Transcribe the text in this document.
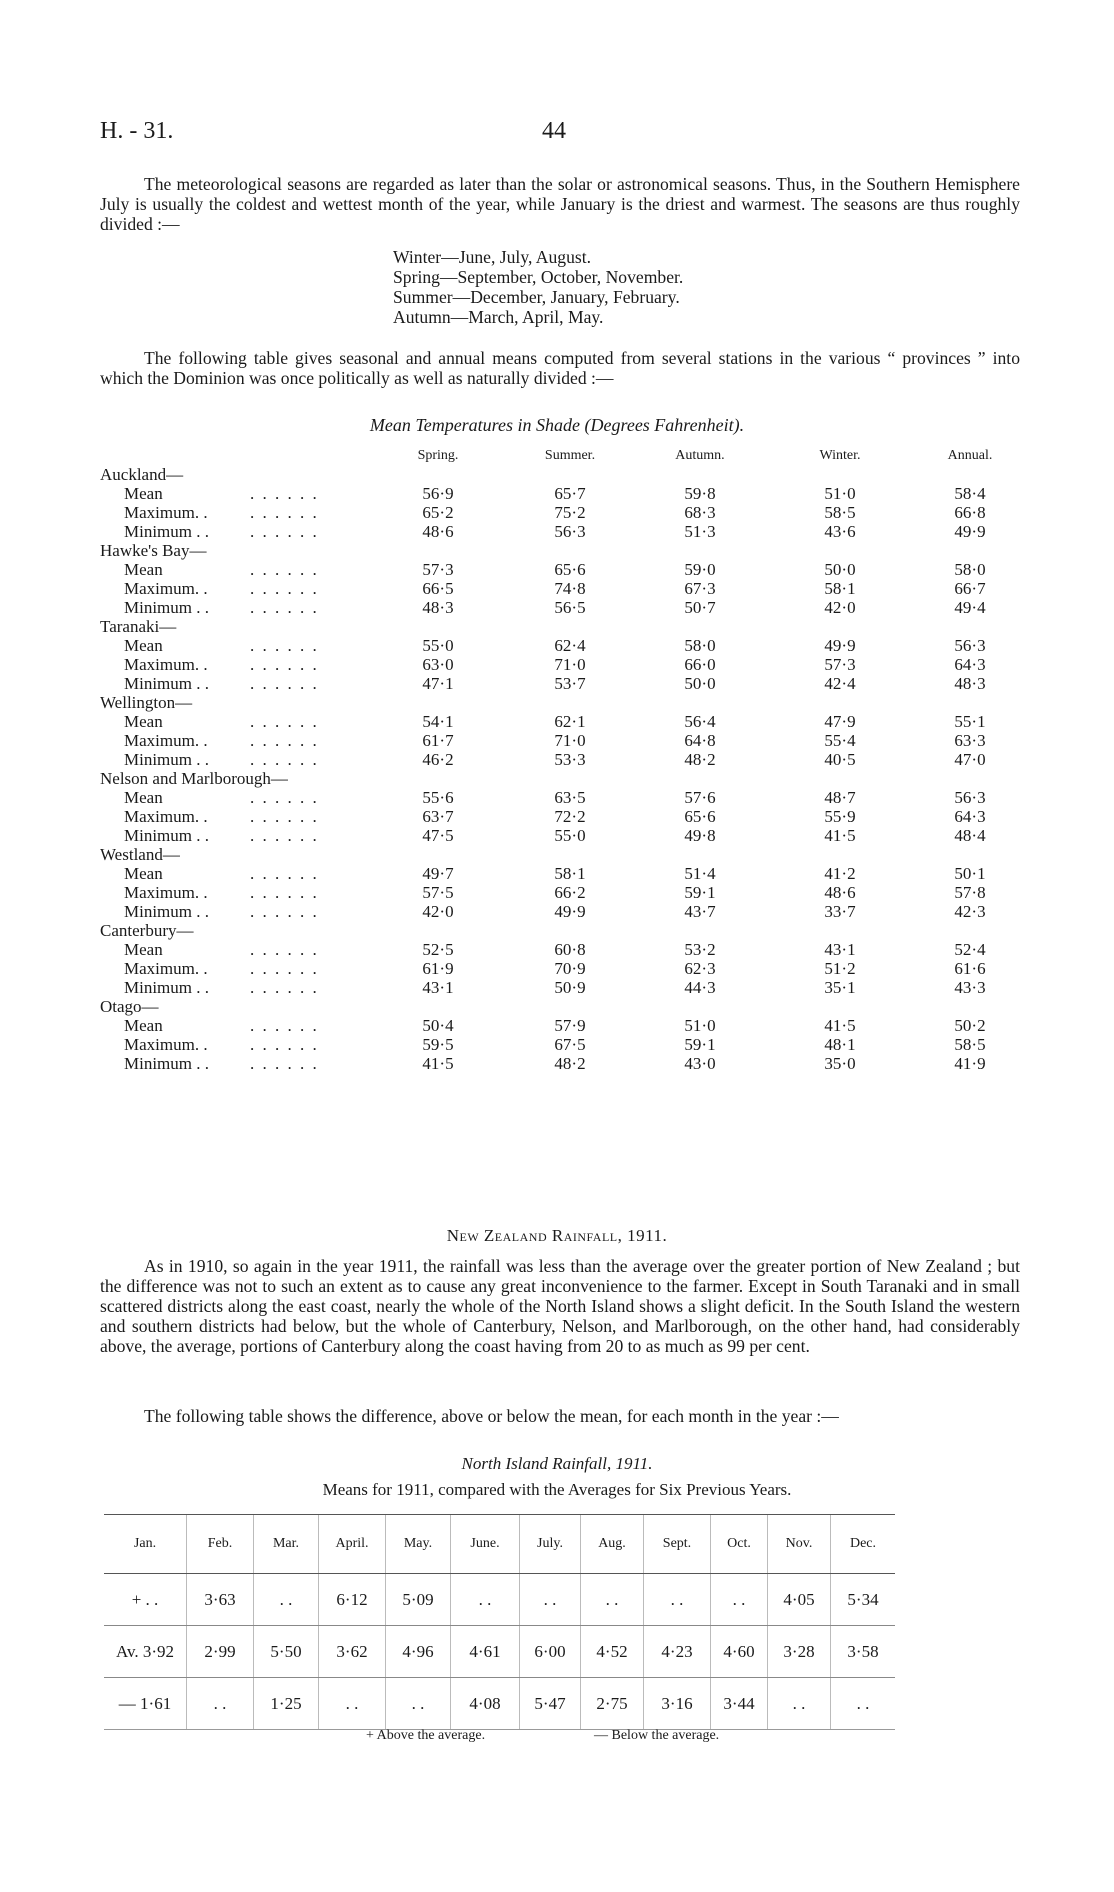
H. - 31.	44
The meteorological seasons are regarded as later than the solar or astronomical seasons. Thus, in the Southern Hemisphere July is usually the coldest and wettest month of the year, while January is the driest and warmest. The seasons are thus roughly divided :—
Winter—June, July, August.
Spring—September, October, November.
Summer—December, January, February.
Autumn—March, April, May.
The following table gives seasonal and annual means computed from several stations in the various “ provinces ” into which the Dominion was once politically as well as naturally divided :—
Mean Temperatures in Shade (Degrees Fahrenheit).
Spring.	Summer.	Autumn.	Winter.	Annual.
Auckland—
Mean	. . . . . .	56·9	65·7	59·8	51·0	58·4
Maximum. . . . . . . .	65·2	75·2	68·3	58·5	66·8
Minimum . . . . . . . .	48·6	56·3	51·3	43·6	49·9
Hawke's Bay—
Mean	. . . . . .	57·3	65·6	59·0	50·0	58·0
Maximum. . . . . . . .	66·5	74·8	67·3	58·1	66·7
Minimum . . . . . . . .	48·3	56·5	50·7	42·0	49·4
Taranaki—
Mean	. . . . . .	55·0	62·4	58·0	49·9	56·3
Maximum. . . . . . . .	63·0	71·0	66·0	57·3	64·3
Minimum . . . . . . . .	47·1	53·7	50·0	42·4	48·3
Wellington—
Mean	. . . . . .	54·1	62·1	56·4	47·9	55·1
Maximum. . . . . . . .	61·7	71·0	64·8	55·4	63·3
Minimum . . . . . . . .	46·2	53·3	48·2	40·5	47·0
Nelson and Marlborough—
Mean	. . . . . .	55·6	63·5	57·6	48·7	56·3
Maximum. . . . . . . .	63·7	72·2	65·6	55·9	64·3
Minimum . . . . . . . .	47·5	55·0	49·8	41·5	48·4
Westland—
Mean	. . . . . .	49·7	58·1	51·4	41·2	50·1
Maximum. . . . . . . .	57·5	66·2	59·1	48·6	57·8
Minimum . . . . . . . .	42·0	49·9	43·7	33·7	42·3
Canterbury—
Mean	. . . . . .	52·5	60·8	53·2	43·1	52·4
Maximum. . . . . . . .	61·9	70·9	62·3	51·2	61·6
Minimum . . . . . . . .	43·1	50·9	44·3	35·1	43·3
Otago—
Mean	. . . . . .	50·4	57·9	51·0	41·5	50·2
Maximum. . . . . . . .	59·5	67·5	59·1	48·1	58·5
Minimum . . . . . . . .	41·5	48·2	43·0	35·0	41·9
New Zealand Rainfall, 1911.
As in 1910, so again in the year 1911, the rainfall was less than the average over the greater portion of New Zealand ; but the difference was not to such an extent as to cause any great inconvenience to the farmer. Except in South Taranaki and in small scattered districts along the east coast, nearly the whole of the North Island shows a slight deficit. In the South Island the western and southern districts had below, but the whole of Canterbury, Nelson, and Marlborough, on the other hand, had considerably above, the average, portions of Canterbury along the coast having from 20 to as much as 99 per cent.
The following table shows the difference, above or below the mean, for each month in the year :—
North Island Rainfall, 1911.
Means for 1911, compared with the Averages for Six Previous Years.
Jan.	Feb.	Mar.	April.	May.	June.	July.	Aug.	Sept.	Oct.	Nov.	Dec.
+ . .	3·63	. .	6·12	5·09	. .	. .	. .	. .	. .	4·05	5·34
Av. 3·92	2·99	5·50	3·62	4·96	4·61	6·00	4·52	4·23	4·60	3·28	3·58
— 1·61	. .	1·25	. .	. .	4·08	5·47	2·75	3·16	3·44	. .	. .
+ Above the average.	— Below the average.
